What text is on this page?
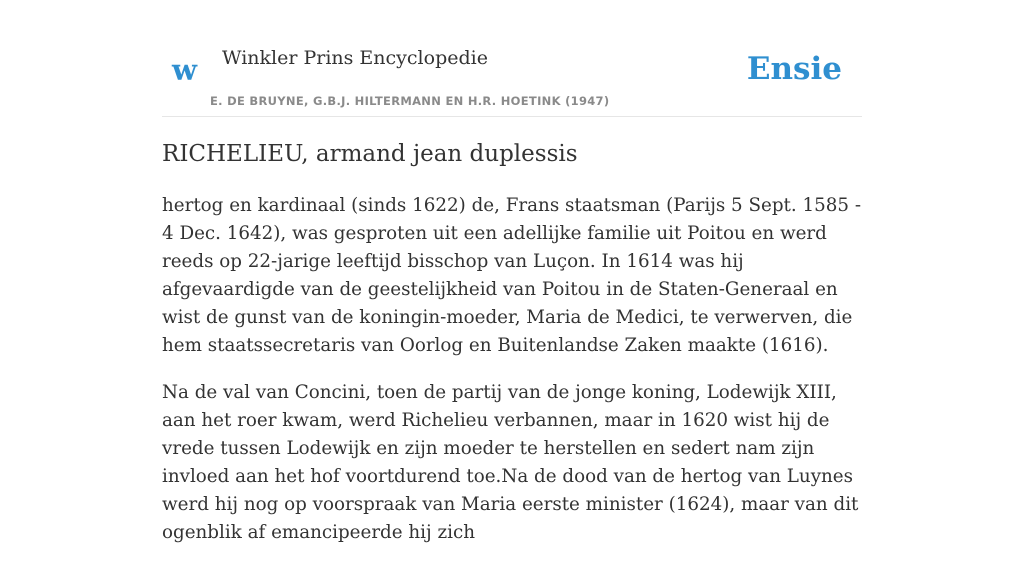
w Winkler Prins Encyclopedie
E. DE BRUYNE, G.B.J. HILTERMANN EN H.R. HOETINK (1947)
Ensie
RICHELIEU, armand jean duplessis

hertog en kardinaal (sinds 1622) de, Frans staatsman (Parijs 5 Sept. 1585 - 4 Dec. 1642), was gesproten uit een adellijke familie uit Poitou en werd reeds op 22-jarige leeftijd bisschop van Luçon. In 1614 was hij afgevaardigde van de geestelijkheid van Poitou in de Staten-Generaal en wist de gunst van de koningin-moeder, Maria de Medici, te verwerven, die hem staatssecretaris van Oorlog en Buitenlandse Zaken maakte (1616).

Na de val van Concini, toen de partij van de jonge koning, Lodewijk XIII, aan het roer kwam, werd Richelieu verbannen, maar in 1620 wist hij de vrede tussen Lodewijk en zijn moeder te herstellen en sedert nam zijn invloed aan het hof voortdurend toe.Na de dood van de hertog van Luynes werd hij nog op voorspraak van Maria eerste minister (1624), maar van dit ogenblik af emancipeerde hij zich
